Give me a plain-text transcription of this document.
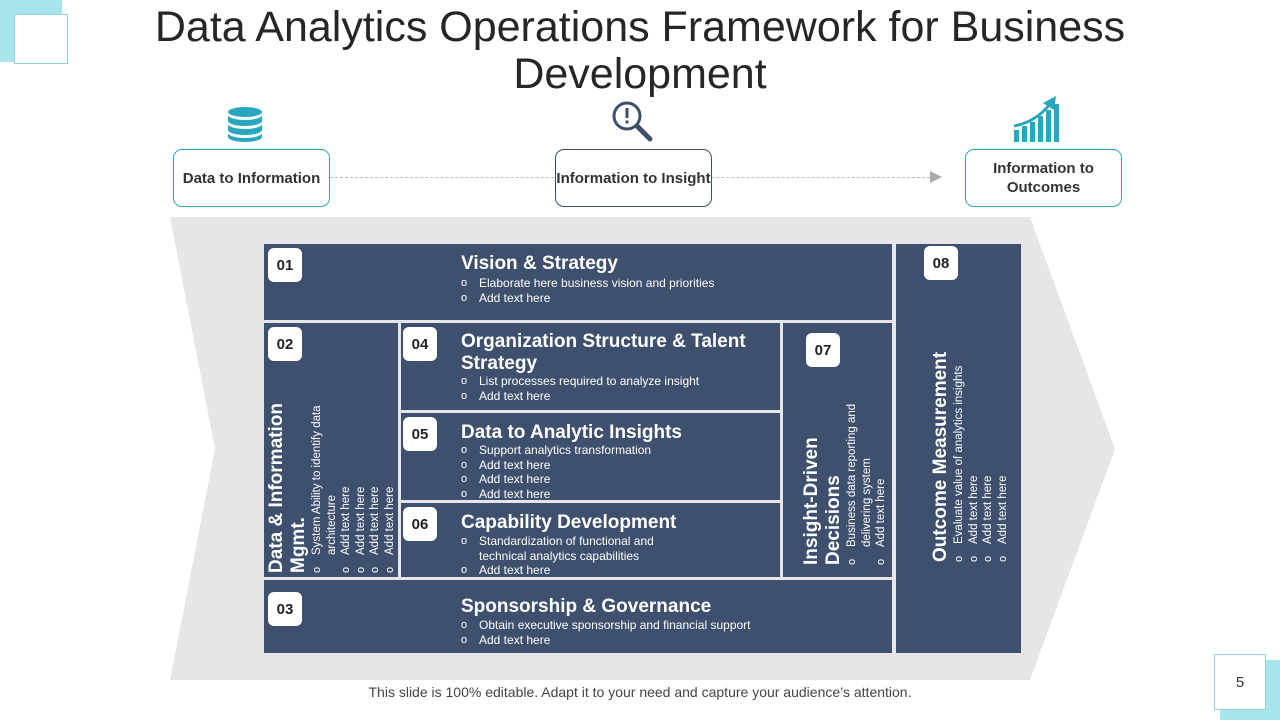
5
Data Analytics Operations Framework for Business Development
Data to Information	Information to Insight
Information to Outcomes
01	Vision & Strategy
o Elaborate here business vision and priorities
o Add text here
02
Data & Information Mgmt. o System Ability to identify data architecture o Add text here o Add text here o Add text here o Add text here
04	Organization Structure & Talent Strategy
o List processes required to analyze insight
o Add text here
05	Data to Analytic Insights
o Support analytics transformation
o Add text here
o Add text here
o Add text here
06	Capability Development
o Standardization of functional and technical analytics capabilities
o Add text here
07
Insight-Driven Decisions o Business data reporting and delivering system o Add text here
03	Sponsorship & Governance
o Obtain executive sponsorship and financial support
o Add text here
08
Outcome Measurement o Evaluate value of analytics insights o Add text here o Add text here o Add text here
This slide is 100% editable. Adapt it to your need and capture your audience’s attention.
